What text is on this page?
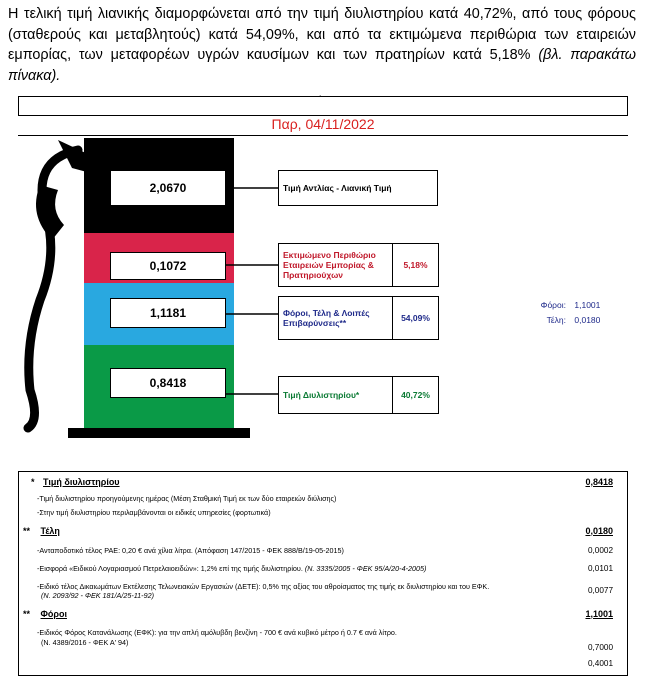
Η τελική τιμή λιανικής διαμορφώνεται από την τιμή διυλιστηρίου κατά 40,72%, από τους φόρους (σταθερούς και μεταβλητούς) κατά 54,09%, και από τα εκτιμώμενα περιθώρια των εταιρειών εμπορίας, των μεταφορέων υγρών καυσίμων και των πρατηρίων κατά 5,18% (βλ. παρακάτω πίνακα).
`
Παρ, 04/11/2022
2,0670
0,1072
1,1181
0,8418
Τιμή Αντλίας - Λιανική Τιμή
Εκτιμώμενο Περιθώριο Εταιρειών Εμπορίας & Πρατηριούχων
5,18%
Φόροι, Τέλη & Λοιπές Επιβαρύνσεις**	54,09%
Τιμή Διυλιστηρίου*	40,72%
Φόροι: 1,1001
Τέλη: 0,0180
* Τιμή διυλιστηρίου	0,8418
-Τιμή διυλιστηρίου προηγούμενης ημέρας (Μέση Σταθμική Τιμή εκ των δύο εταιρειών διύλισης)	
-Στην τιμή διυλιστηρίου περιλαμβάνονται οι ειδικές υπηρεσίες (φορτωτικά)	
** Τέλη	0,0180
-Ανταποδοτικό τέλος ΡΑΕ: 0,20 € ανά χίλια λίτρα. (Απόφαση 147/2015 - ΦΕΚ 888/Β/19-05-2015)	0,0002
-Εισφορά «Ειδικού Λογαριασμού Πετρελαιοειδών»: 1,2% επί της τιμής διυλιστηρίου. (Ν. 3335/2005 - ΦΕΚ 95/Α/20-4-2005)	0,0101
-Ειδικό τέλος Δικαιωμάτων Εκτέλεσης Τελωνειακών Εργασιών (ΔΕΤΕ): 0,5% της αξίας του αθροίσματος της τιμής εκ διυλιστηρίου και του ΕΦΚ.
(Ν. 2093/92 - ΦΕΚ 181/Α/25-11-92)	0,0077
** Φόροι	1,1001
-Ειδικός Φόρος Κατανάλωσης (ΕΦΚ): για την απλή αμόλυβδη βενζίνη - 700 € ανά κυβικό μέτρο ή 0.7 € ανά λίτρο.
(Ν. 4389/2016 - ΦΕΚ Α' 94)	0,7000
	0,4001
